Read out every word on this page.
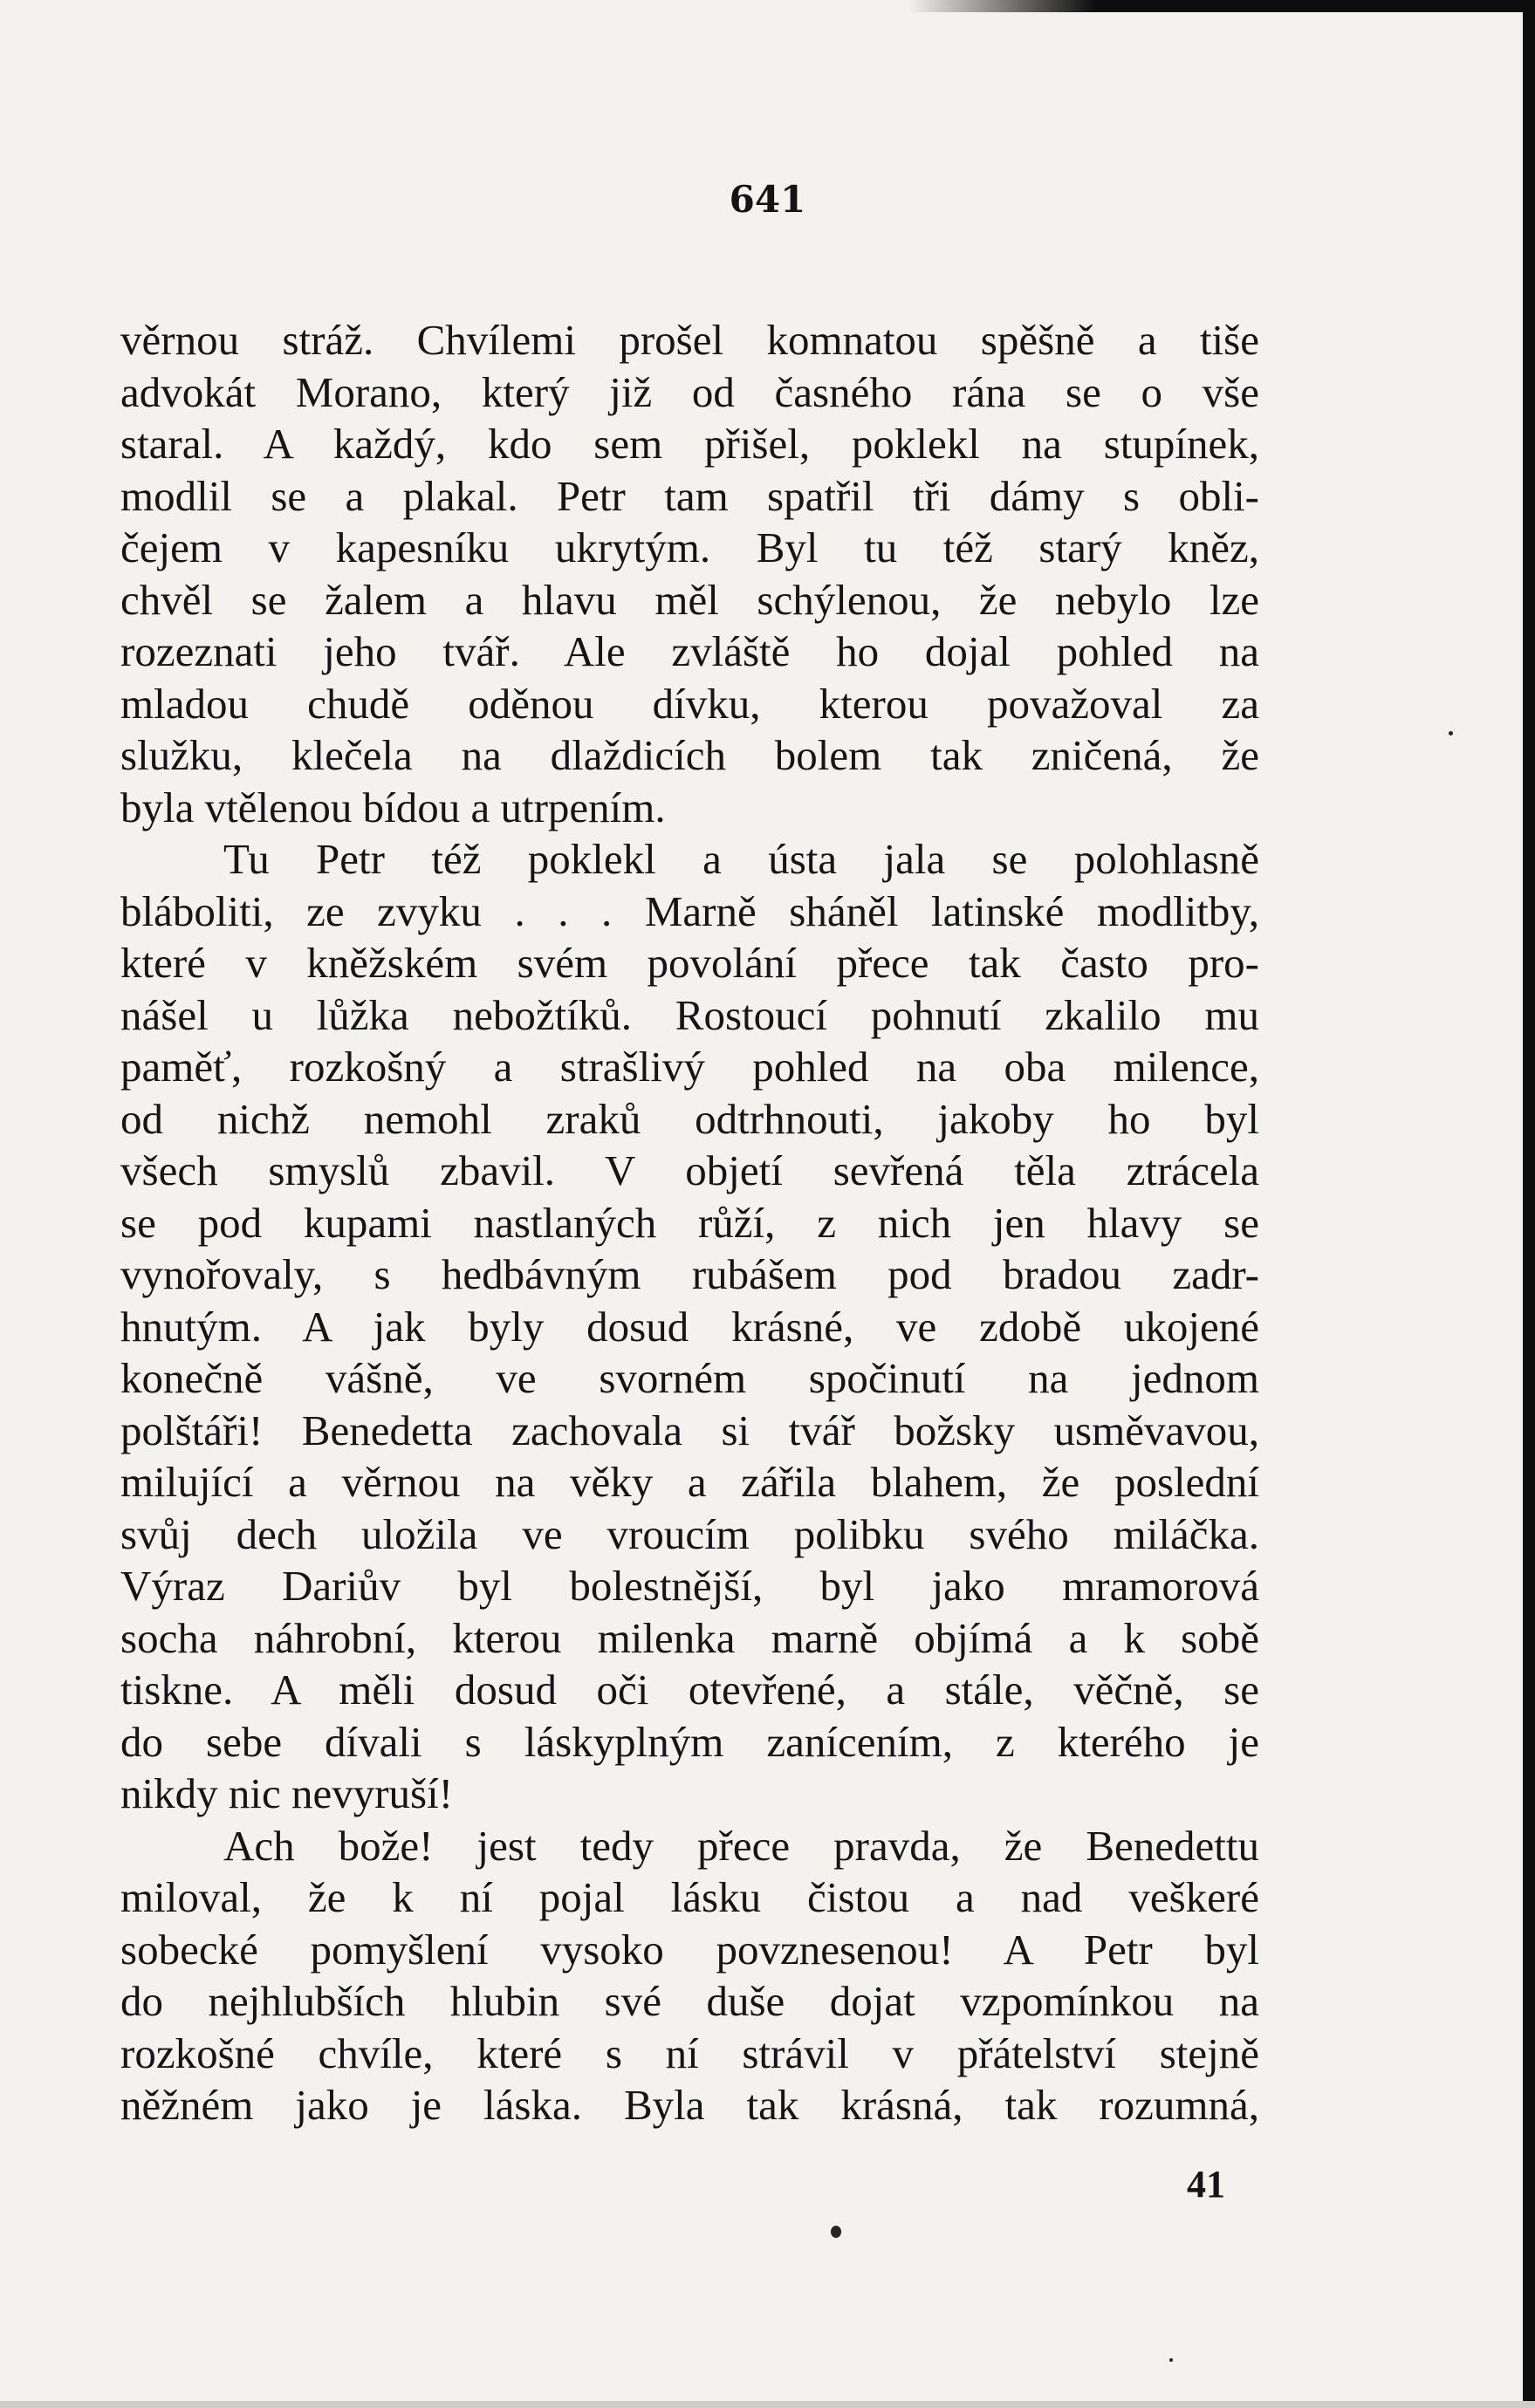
641
věrnou stráž. Chvílemi prošel komnatou spěšně a tiše
advokát Morano, který již od časného rána se o vše
staral. A každý, kdo sem přišel, poklekl na stupínek,
modlil se a plakal. Petr tam spatřil tři dámy s obli-
čejem v kapesníku ukrytým. Byl tu též starý kněz,
chvěl se žalem a hlavu měl schýlenou, že nebylo lze
rozeznati jeho tvář. Ale zvláště ho dojal pohled na
mladou chudě oděnou dívku, kterou považoval za
služku, klečela na dlaždicích bolem tak zničená, že
byla vtělenou bídou a utrpením.
Tu Petr též poklekl a ústa jala se polohlasně
bláboliti, ze zvyku . . . Marně sháněl latinské modlitby,
které v kněžském svém povolání přece tak často pro-
nášel u lůžka nebožtíků. Rostoucí pohnutí zkalilo mu
paměť, rozkošný a strašlivý pohled na oba milence,
od nichž nemohl zraků odtrhnouti, jakoby ho byl
všech smyslů zbavil. V objetí sevřená těla ztrácela
se pod kupami nastlaných růží, z nich jen hlavy se
vynořovaly, s hedbávným rubášem pod bradou zadr-
hnutým. A jak byly dosud krásné, ve zdobě ukojené
konečně vášně, ve svorném spočinutí na jednom
polštáři! Benedetta zachovala si tvář božsky usměvavou,
milující a věrnou na věky a zářila blahem, že poslední
svůj dech uložila ve vroucím polibku svého miláčka.
Výraz Dariův byl bolestnější, byl jako mramorová
socha náhrobní, kterou milenka marně objímá a k sobě
tiskne. A měli dosud oči otevřené, a stále, věčně, se
do sebe dívali s láskyplným zanícením, z kterého je
nikdy nic nevyruší!
Ach bože! jest tedy přece pravda, že Benedettu
miloval, že k ní pojal lásku čistou a nad veškeré
sobecké pomyšlení vysoko povznesenou! A Petr byl
do nejhlubších hlubin své duše dojat vzpomínkou na
rozkošné chvíle, které s ní strávil v přátelství stejně
něžném jako je láska. Byla tak krásná, tak rozumná,
41
